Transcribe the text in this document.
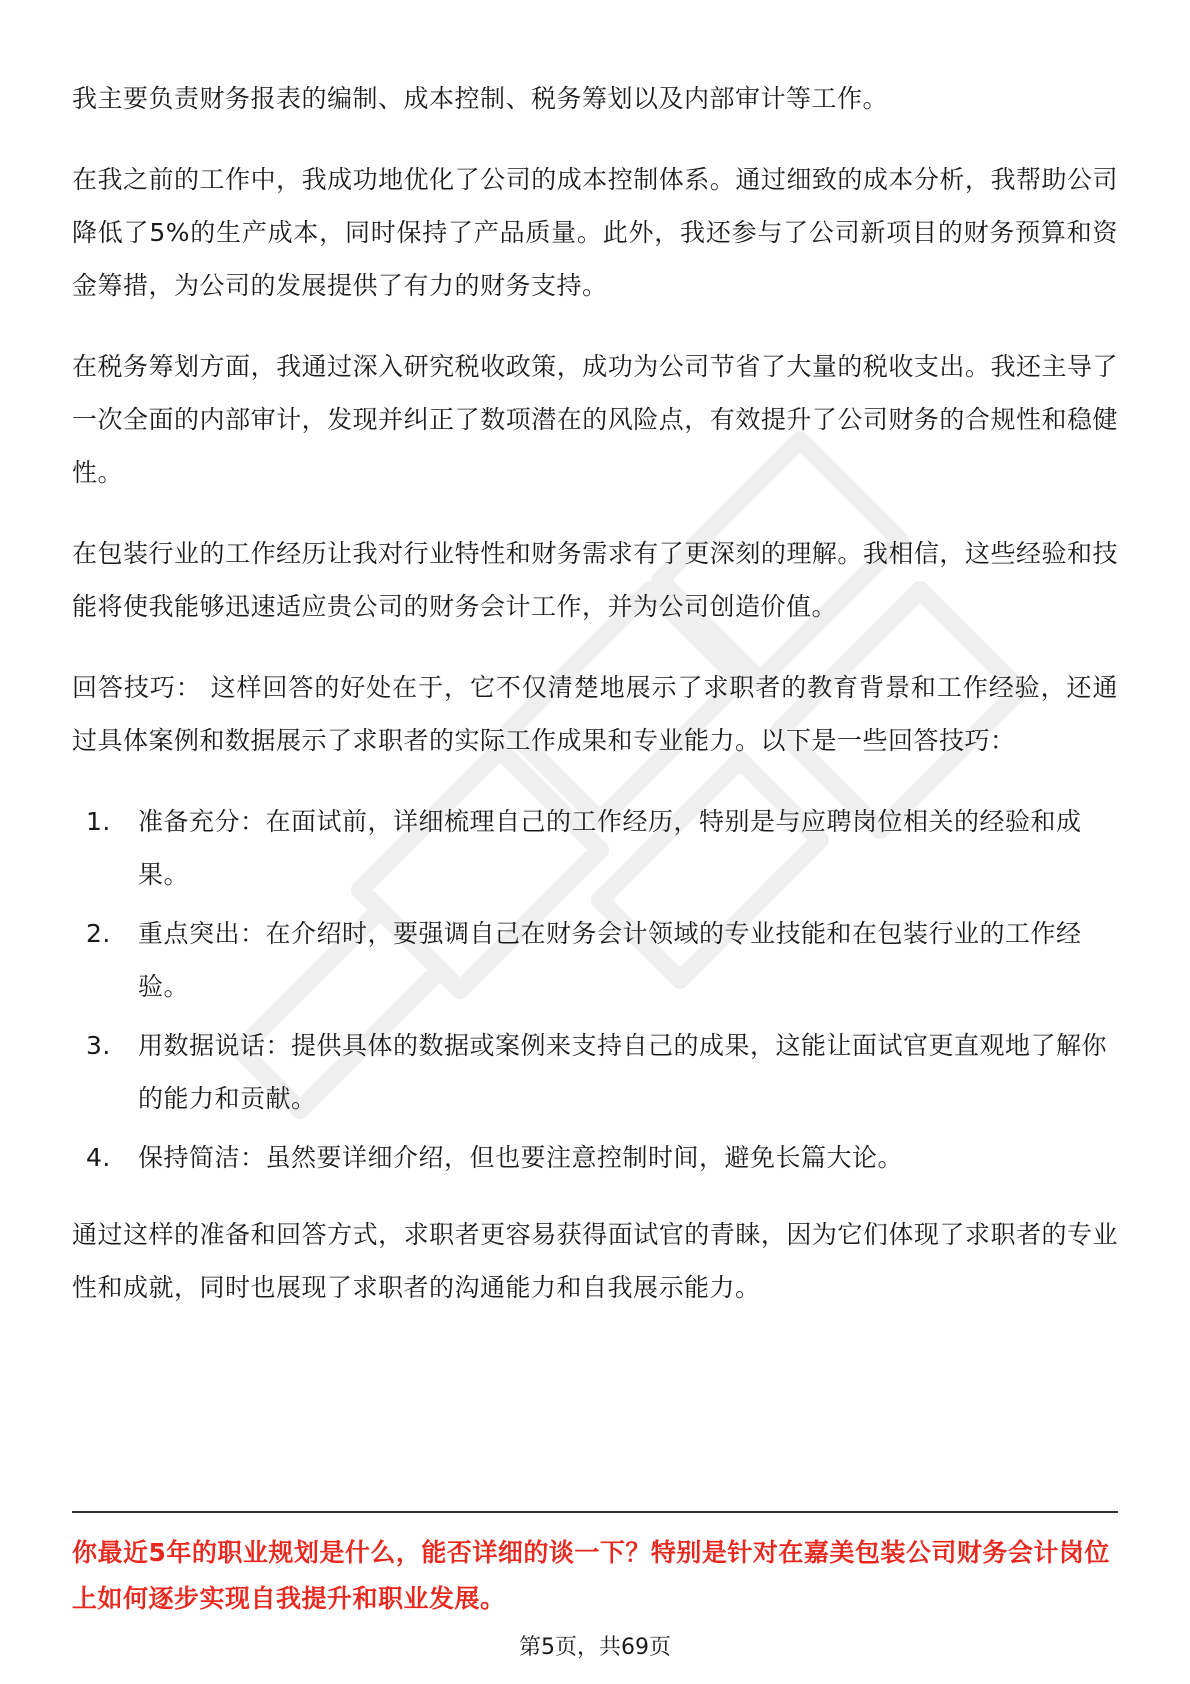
我主要负责财务报表的编制、成本控制、税务筹划以及内部审计等工作。

在我之前的工作中，我成功地优化了公司的成本控制体系。通过细致的成本分析，我帮助公司降低了5%的生产成本，同时保持了产品质量。此外，我还参与了公司新项目的财务预算和资金筹措，为公司的发展提供了有力的财务支持。

在税务筹划方面，我通过深入研究税收政策，成功为公司节省了大量的税收支出。我还主导了一次全面的内部审计，发现并纠正了数项潜在的风险点，有效提升了公司财务的合规性和稳健性。

在包装行业的工作经历让我对行业特性和财务需求有了更深刻的理解。我相信，这些经验和技能将使我能够迅速适应贵公司的财务会计工作，并为公司创造价值。

回答技巧： 这样回答的好处在于，它不仅清楚地展示了求职者的教育背景和工作经验，还通过具体案例和数据展示了求职者的实际工作成果和专业能力。以下是一些回答技巧：

1. 准备充分：在面试前，详细梳理自己的工作经历，特别是与应聘岗位相关的经验和成果。
2. 重点突出：在介绍时，要强调自己在财务会计领域的专业技能和在包装行业的工作经验。
3. 用数据说话：提供具体的数据或案例来支持自己的成果，这能让面试官更直观地了解你的能力和贡献。
4. 保持简洁：虽然要详细介绍，但也要注意控制时间，避免长篇大论。

通过这样的准备和回答方式，求职者更容易获得面试官的青睐，因为它们体现了求职者的专业性和成就，同时也展现了求职者的沟通能力和自我展示能力。

你最近5年的职业规划是什么，能否详细的谈一下？特别是针对在嘉美包装公司财务会计岗位上如何逐步实现自我提升和职业发展。

第5页，共69页
